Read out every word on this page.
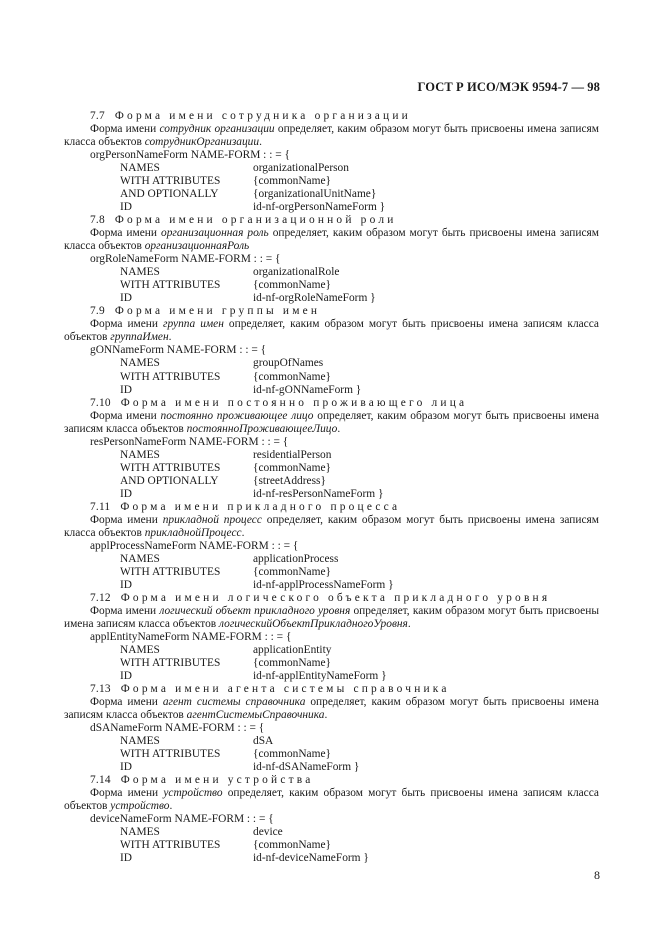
ГОСТ Р ИСО/МЭК 9594-7 — 98
7.7 Форма имени сотрудника организации
Форма имени сотрудник организации определяет, каким образом могут быть присвоены имена записям класса объектов сотрудникОрганизации.
orgPersonNameForm NAME-FORM : : = {
NAMES	organizationalPerson
WITH ATTRIBUTES	{commonName}
AND OPTIONALLY	{organizationalUnitName}
ID	id-nf-orgPersonNameForm }
7.8 Форма имени организационной роли
Форма имени организационная роль определяет, каким образом могут быть присвоены имена записям класса объектов организационнаяРоль
orgRoleNameForm NAME-FORM : : = {
NAMES	organizationalRole
WITH ATTRIBUTES	{commonName}
ID	id-nf-orgRoleNameForm }
7.9 Форма имени группы имен
Форма имени группа имен определяет, каким образом могут быть присвоены имена записям класса объектов группаИмен.
gONNameForm NAME-FORM : : = {
NAMES	groupOfNames
WITH ATTRIBUTES	{commonName}
ID	id-nf-gONNameForm }
7.10 Форма имени постоянно проживающего лица
Форма имени постоянно проживающее лицо определяет, каким образом могут быть присвоены имена записям класса объектов постоянноПроживающееЛицо.
resPersonNameForm NAME-FORM : : = {
NAMES	residentialPerson
WITH ATTRIBUTES	{commonName}
AND OPTIONALLY	{streetAddress}
ID	id-nf-resPersonNameForm }
7.11 Форма имени прикладного процесса
Форма имени прикладной процесс определяет, каким образом могут быть присвоены имена записям класса объектов прикладнойПроцесс.
applProcessNameForm NAME-FORM : : = {
NAMES	applicationProcess
WITH ATTRIBUTES	{commonName}
ID	id-nf-applProcessNameForm }
7.12 Форма имени логического объекта прикладного уровня
Форма имени логический объект прикладного уровня определяет, каким образом могут быть присвоены имена записям класса объектов логическийОбъектПрикладногоУровня.
applEntityNameForm NAME-FORM : : = {
NAMES	applicationEntity
WITH ATTRIBUTES	{commonName}
ID	id-nf-applEntityNameForm }
7.13 Форма имени агента системы справочника
Форма имени агент системы справочника определяет, каким образом могут быть присвоены имена записям класса объектов агентСистемыСправочника.
dSANameForm NAME-FORM : : = {
NAMES	dSA
WITH ATTRIBUTES	{commonName}
ID	id-nf-dSANameForm }
7.14 Форма имени устройства
Форма имени устройство определяет, каким образом могут быть присвоены имена записям класса объектов устройство.
deviceNameForm NAME-FORM : : = {
NAMES	device
WITH ATTRIBUTES	{commonName}
ID	id-nf-deviceNameForm }
8
